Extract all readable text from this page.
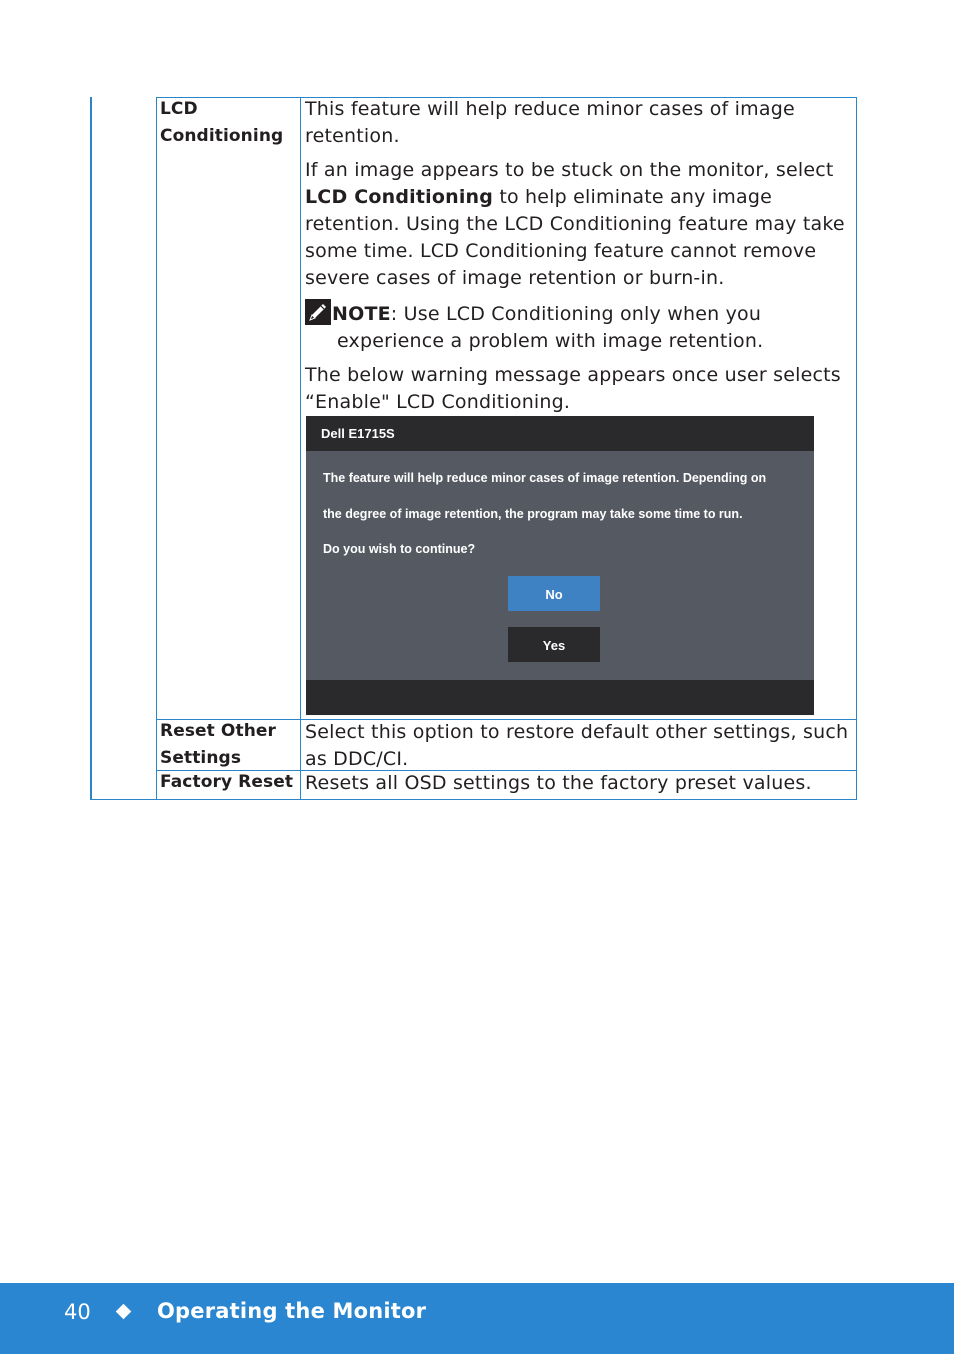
LCD Conditioning

This feature will help reduce minor cases of image retention.

If an image appears to be stuck on the monitor, select
LCD Conditioning to help eliminate any image retention. Using the LCD Conditioning feature may take some time. LCD Conditioning feature cannot remove severe cases of image retention or burn-in.

NOTE: Use LCD Conditioning only when you
experience a problem with image retention.

The below warning message appears once user selects “Enable" LCD Conditioning.

Reset Other Settings
Select this option to restore default other settings, such as DDC/CI.
Factory Reset Resets all OSD settings to the factory preset values.
Dell E1715S
The feature will help reduce minor cases of image retention. Depending on
the degree of image retention, the program may take some time to run.
Do you wish to continue?
No
Yes
40	Operating the Monitor
